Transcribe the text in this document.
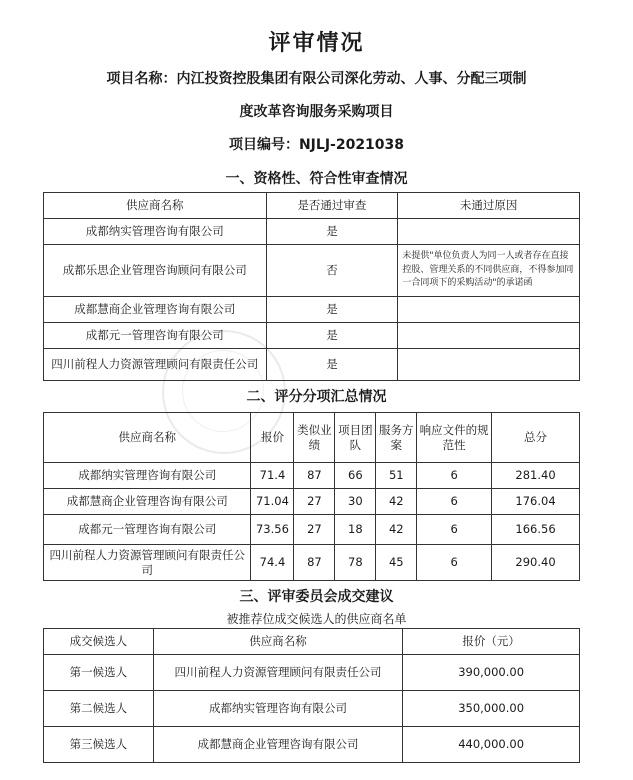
评审情况
项目名称：内江投资控股集团有限公司深化劳动、人事、分配三项制
度改革咨询服务采购项目
项目编号：NJLJ-2021038
一、资格性、符合性审查情况
供应商名称	是否通过审查	未通过原因
成都纳实管理咨询有限公司	是	
成都乐思企业管理咨询顾问有限公司	否	未提供"单位负责人为同一人或者存在直接控股、管理关系的不同供应商，不得参加同一合同项下的采购活动"的承诺函
成都慧商企业管理咨询有限公司	是	
成都元一管理咨询有限公司	是	
四川前程人力资源管理顾问有限责任公司	是	
二、评分分项汇总情况
供应商名称	报价	类似业绩	项目团队	服务方案	响应文件的规范性	总分
成都纳实管理咨询有限公司	71.4	87	66	51	6	281.40
成都慧商企业管理咨询有限公司	71.04	27	30	42	6	176.04
成都元一管理咨询有限公司	73.56	27	18	42	6	166.56
四川前程人力资源管理顾问有限责任公司	74.4	87	78	45	6	290.40
三、评审委员会成交建议
被推荐位成交候选人的供应商名单
成交候选人	供应商名称	报价（元）
第一候选人	四川前程人力资源管理顾问有限责任公司	390,000.00
第二候选人	成都纳实管理咨询有限公司	350,000.00
第三候选人	成都慧商企业管理咨询有限公司	440,000.00
